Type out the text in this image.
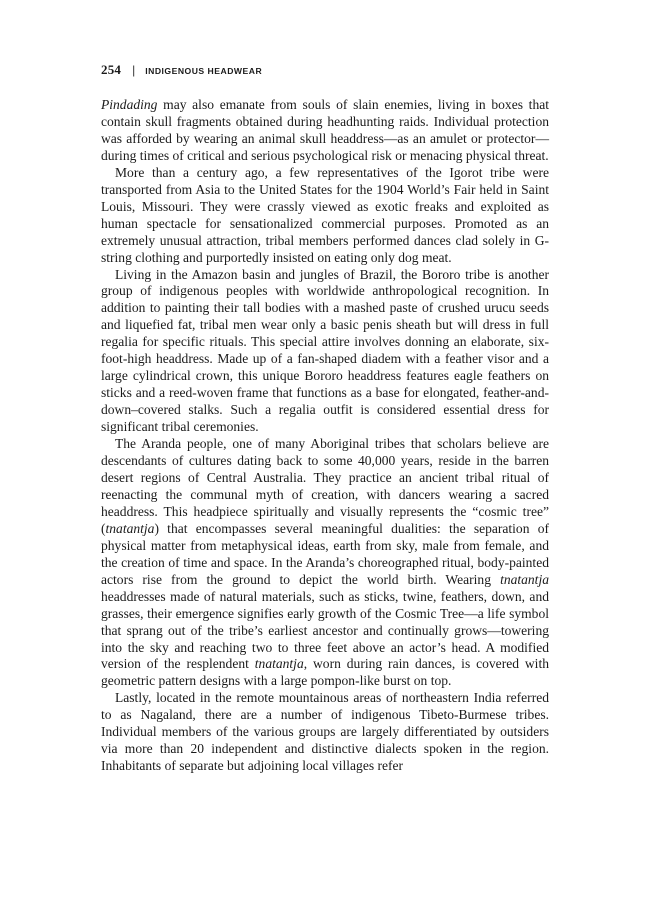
254 | INDIGENOUS HEADWEAR

Pindading may also emanate from souls of slain enemies, living in boxes that contain skull fragments obtained during headhunting raids. Individual protection was afforded by wearing an animal skull headdress—as an amulet or protector—during times of critical and serious psychological risk or menacing physical threat.

More than a century ago, a few representatives of the Igorot tribe were transported from Asia to the United States for the 1904 World’s Fair held in Saint Louis, Missouri. They were crassly viewed as exotic freaks and exploited as human spectacle for sensationalized commercial purposes. Promoted as an extremely unusual attraction, tribal members performed dances clad solely in G-string clothing and purportedly insisted on eating only dog meat.

Living in the Amazon basin and jungles of Brazil, the Bororo tribe is another group of indigenous peoples with worldwide anthropological recognition. In addition to painting their tall bodies with a mashed paste of crushed urucu seeds and liquefied fat, tribal men wear only a basic penis sheath but will dress in full regalia for specific rituals. This special attire involves donning an elaborate, six-foot-high headdress. Made up of a fan-shaped diadem with a feather visor and a large cylindrical crown, this unique Bororo headdress features eagle feathers on sticks and a reed-woven frame that functions as a base for elongated, feather-and-down–covered stalks. Such a regalia outfit is considered essential dress for significant tribal ceremonies.

The Aranda people, one of many Aboriginal tribes that scholars believe are descendants of cultures dating back to some 40,000 years, reside in the barren desert regions of Central Australia. They practice an ancient tribal ritual of reenacting the communal myth of creation, with dancers wearing a sacred headdress. This headpiece spiritually and visually represents the “cosmic tree” (tnatantja) that encompasses several meaningful dualities: the separation of physical matter from metaphysical ideas, earth from sky, male from female, and the creation of time and space. In the Aranda’s choreographed ritual, body-painted actors rise from the ground to depict the world birth. Wearing tnatantja headdresses made of natural materials, such as sticks, twine, feathers, down, and grasses, their emergence signifies early growth of the Cosmic Tree—a life symbol that sprang out of the tribe’s earliest ancestor and continually grows—towering into the sky and reaching two to three feet above an actor’s head. A modified version of the resplendent tnatantja, worn during rain dances, is covered with geometric pattern designs with a large pompon-like burst on top.

Lastly, located in the remote mountainous areas of northeastern India referred to as Nagaland, there are a number of indigenous Tibeto-Burmese tribes. Individual members of the various groups are largely differentiated by outsiders via more than 20 independent and distinctive dialects spoken in the region. Inhabitants of separate but adjoining local villages refer
